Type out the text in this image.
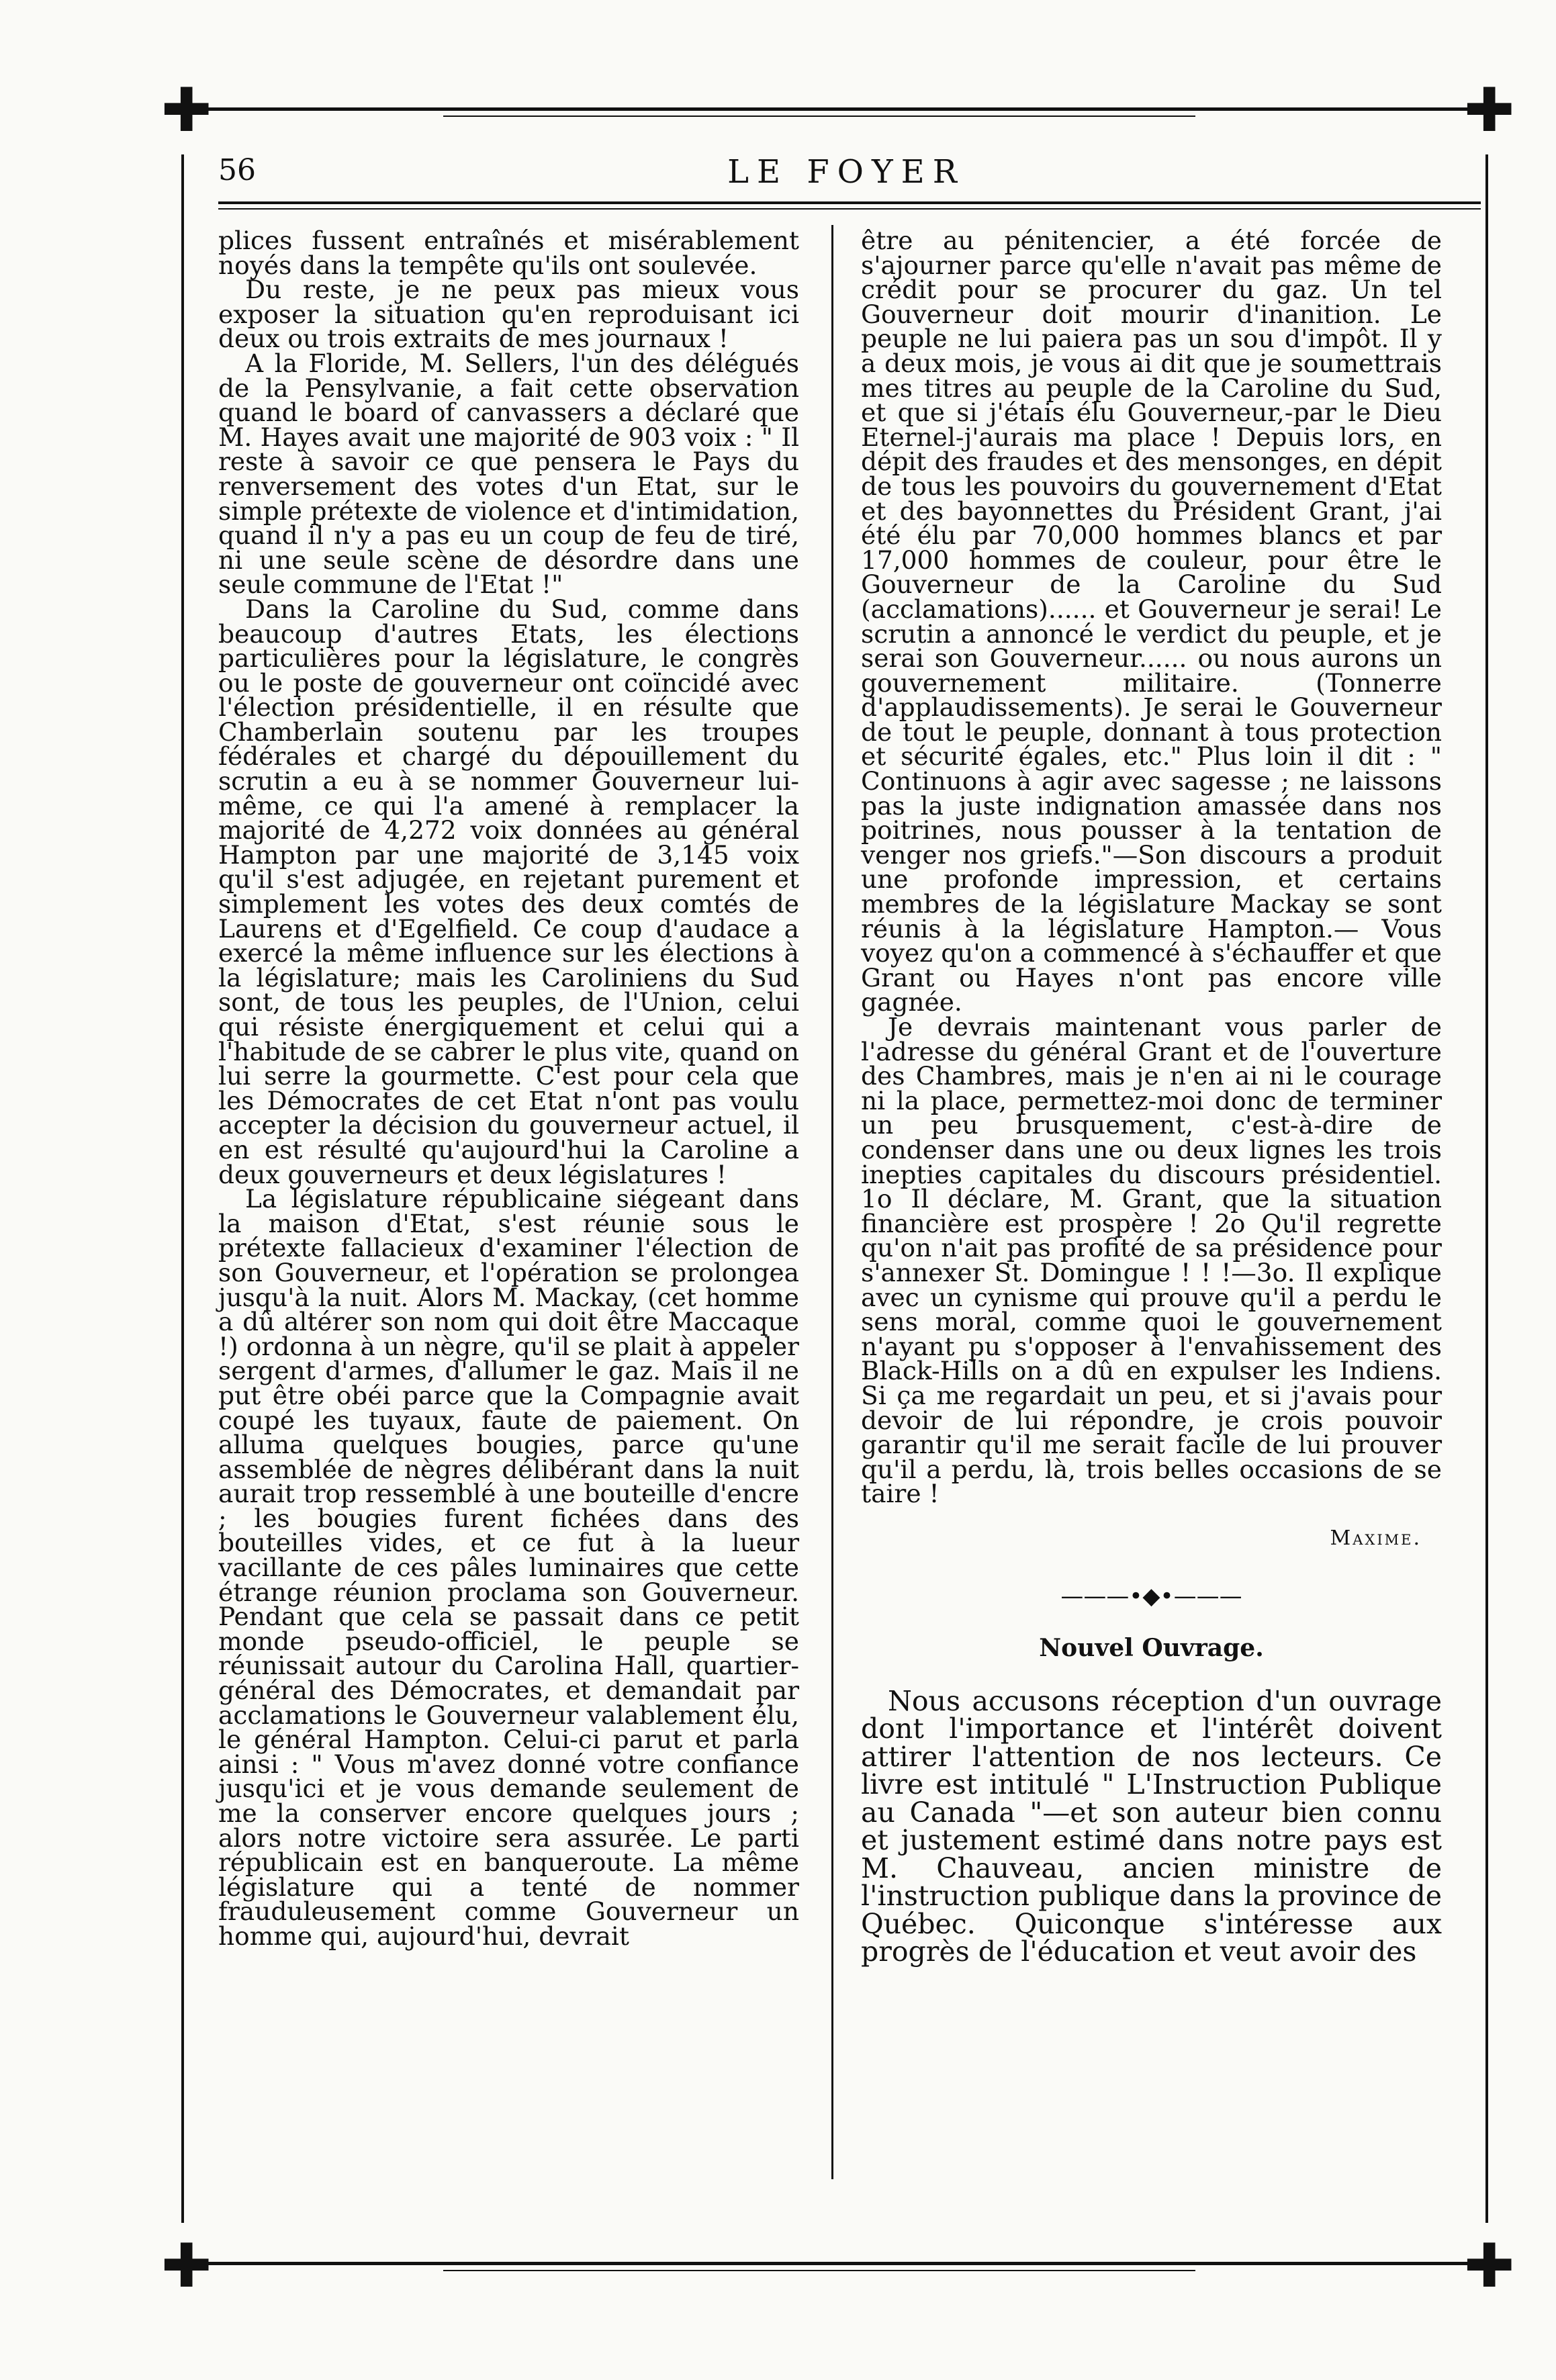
✚	✚
✚	✚
56	LE FOYER

plices fussent entraînés et misérablement noyés dans la tempête qu'ils ont soulevée.

Du reste, je ne peux pas mieux vous exposer la situation qu'en reproduisant ici deux ou trois extraits de mes journaux !

A la Floride, M. Sellers, l'un des délégués de la Pensylvanie, a fait cette observation quand le board of canvassers a déclaré que M. Hayes avait une majorité de 903 voix : " Il reste à savoir ce que pensera le Pays du renversement des votes d'un Etat, sur le simple prétexte de violence et d'intimidation, quand il n'y a pas eu un coup de feu de tiré, ni une seule scène de désordre dans une seule commune de l'Etat !"

Dans la Caroline du Sud, comme dans beaucoup d'autres Etats, les élections particulières pour la législature, le congrès ou le poste de gouverneur ont coïncidé avec l'élection présidentielle, il en résulte que Chamberlain soutenu par les troupes fédérales et chargé du dépouillement du scrutin a eu à se nommer Gouverneur lui-même, ce qui l'a amené à remplacer la majorité de 4,272 voix données au général Hampton par une majorité de 3,145 voix qu'il s'est adjugée, en rejetant purement et simplement les votes des deux comtés de Laurens et d'Egelfield. Ce coup d'audace a exercé la même influence sur les élections à la législature; mais les Caroliniens du Sud sont, de tous les peuples, de l'Union, celui qui résiste énergiquement et celui qui a l'habitude de se cabrer le plus vite, quand on lui serre la gourmette. C'est pour cela que les Démocrates de cet Etat n'ont pas voulu accepter la décision du gouverneur actuel, il en est résulté qu'aujourd'hui la Caroline a deux gouverneurs et deux législatures !

La législature républicaine siégeant dans la maison d'Etat, s'est réunie sous le prétexte fallacieux d'examiner l'élection de son Gouverneur, et l'opération se prolongea jusqu'à la nuit. Alors M. Mackay, (cet homme a dû altérer son nom qui doit être Maccaque !) ordonna à un nègre, qu'il se plait à appeler sergent d'armes, d'allumer le gaz. Mais il ne put être obéi parce que la Compagnie avait coupé les tuyaux, faute de paiement. On alluma quelques bougies, parce qu'une assemblée de nègres délibérant dans la nuit aurait trop ressemblé à une bouteille d'encre ; les bougies furent fichées dans des bouteilles vides, et ce fut à la lueur vacillante de ces pâles luminaires que cette étrange réunion proclama son Gouverneur. Pendant que cela se passait dans ce petit monde pseudo-officiel, le peuple se réunissait autour du Carolina Hall, quartier-général des Démocrates, et demandait par acclamations le Gouverneur valablement élu, le général Hampton. Celui-ci parut et parla ainsi : " Vous m'avez donné votre confiance jusqu'ici et je vous demande seulement de me la conserver encore quelques jours ; alors notre victoire sera assurée. Le parti républicain est en banqueroute. La même législature qui a tenté de nommer frauduleusement comme Gouverneur un homme qui, aujourd'hui, devrait

être au pénitencier, a été forcée de s'ajourner parce qu'elle n'avait pas même de crédit pour se procurer du gaz. Un tel Gouverneur doit mourir d'inanition. Le peuple ne lui paiera pas un sou d'impôt. Il y a deux mois, je vous ai dit que je soumettrais mes titres au peuple de la Caroline du Sud, et que si j'étais élu Gouverneur,-par le Dieu Eternel-j'aurais ma place ! Depuis lors, en dépit des fraudes et des mensonges, en dépit de tous les pouvoirs du gouvernement d'Etat et des bayonnettes du Président Grant, j'ai été élu par 70,000 hommes blancs et par 17,000 hommes de couleur, pour être le Gouverneur de la Caroline du Sud (acclamations)...... et Gouverneur je serai! Le scrutin a annoncé le verdict du peuple, et je serai son Gouverneur...... ou nous aurons un gouvernement militaire. (Tonnerre d'applaudissements). Je serai le Gouverneur de tout le peuple, donnant à tous protection et sécurité égales, etc." Plus loin il dit : " Continuons à agir avec sagesse ; ne laissons pas la juste indignation amassée dans nos poitrines, nous pousser à la tentation de venger nos griefs."—Son discours a produit une profonde impression, et certains membres de la législature Mackay se sont réunis à la législature Hampton.— Vous voyez qu'on a commencé à s'échauffer et que Grant ou Hayes n'ont pas encore ville gagnée.

Je devrais maintenant vous parler de l'adresse du général Grant et de l'ouverture des Chambres, mais je n'en ai ni le courage ni la place, permettez-moi donc de terminer un peu brusquement, c'est-à-dire de condenser dans une ou deux lignes les trois inepties capitales du discours présidentiel. 1o Il déclare, M. Grant, que la situation financière est prospère ! 2o Qu'il regrette qu'on n'ait pas profité de sa présidence pour s'annexer St. Domingue ! ! !—3o. Il explique avec un cynisme qui prouve qu'il a perdu le sens moral, comme quoi le gouvernement n'ayant pu s'opposer à l'envahissement des Black-Hills on a dû en expulser les Indiens. Si ça me regardait un peu, et si j'avais pour devoir de lui répondre, je crois pouvoir garantir qu'il me serait facile de lui prouver qu'il a perdu, là, trois belles occasions de se taire !

Maxime.
———•◆•———
Nouvel Ouvrage.

Nous accusons réception d'un ouvrage dont l'importance et l'intérêt doivent attirer l'attention de nos lecteurs. Ce livre est intitulé " L'Instruction Publique au Canada "—et son auteur bien connu et justement estimé dans notre pays est M. Chauveau, ancien ministre de l'instruction publique dans la province de Québec. Quiconque s'intéresse aux progrès de l'éducation et veut avoir des
